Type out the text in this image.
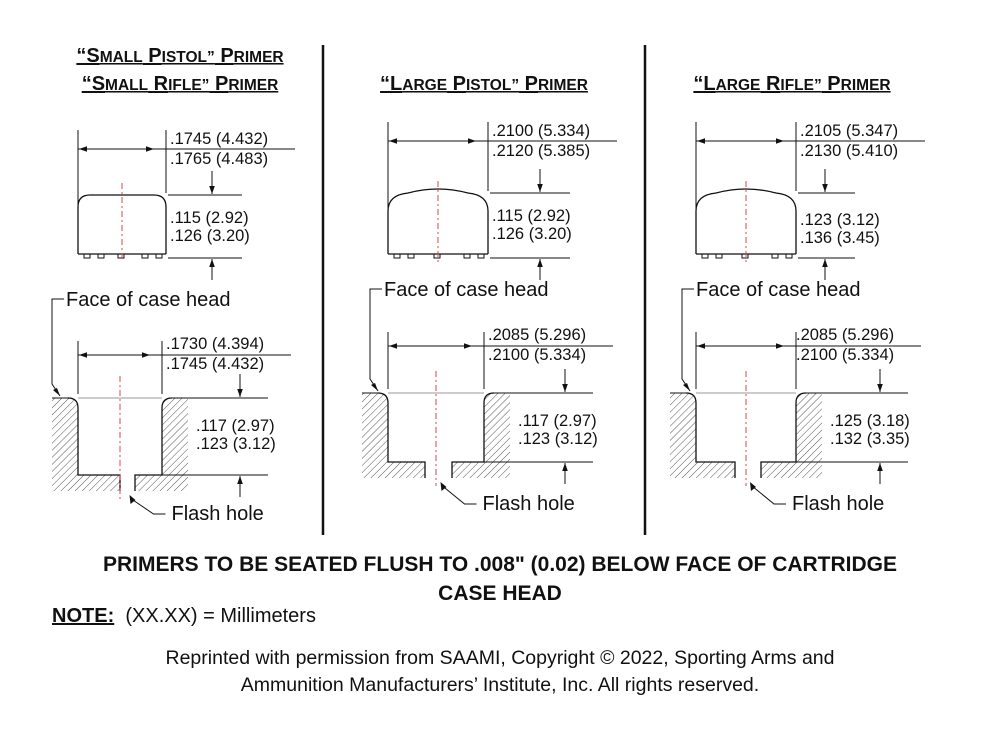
“SMALL PISTOL” PRIMER
“SMALL RIFLE” PRIMER
.1745 (4.432)
.1765 (4.483)
.115 (2.92)
.126 (3.20)
Face of case head
.1730 (4.394)
.1745 (4.432)
.117 (2.97)
.123 (3.12)
Flash hole
“LARGE PISTOL” PRIMER
.2100 (5.334)
.2120 (5.385)
.115 (2.92)
.126 (3.20)
Face of case head
.2085 (5.296)
.2100 (5.334)
.117 (2.97)
.123 (3.12)
Flash hole
“LARGE RIFLE” PRIMER
.2105 (5.347)
.2130 (5.410)
.123 (3.12)
.136 (3.45)
Face of case head
.2085 (5.296)
.2100 (5.334)
.125 (3.18)
.132 (3.35)
Flash hole
PRIMERS TO BE SEATED FLUSH TO .008" (0.02) BELOW FACE OF CARTRIDGE
CASE HEAD
NOTE: (XX.XX) = Millimeters
Reprinted with permission from SAAMI, Copyright © 2022, Sporting Arms and
Ammunition Manufacturers’ Institute, Inc. All rights reserved.
